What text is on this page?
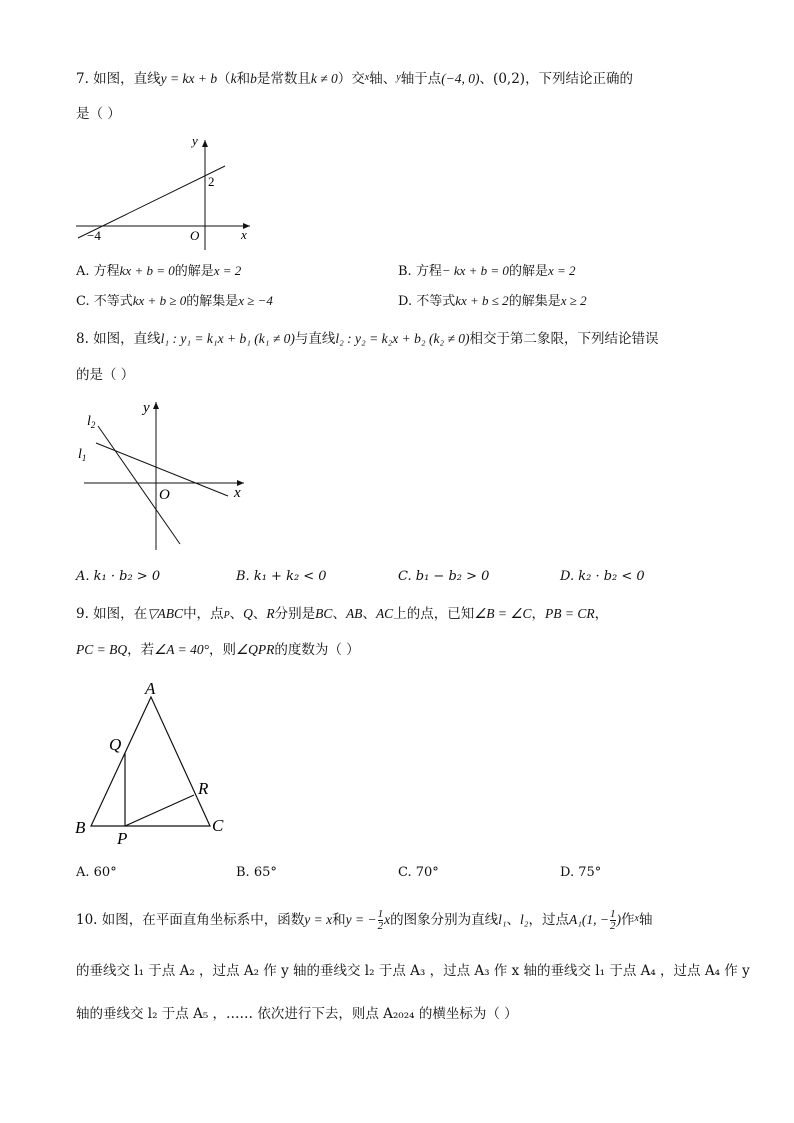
7. 如图，直线y = kx + b（k和b是常数且k ≠ 0）交$^x$轴、$^y$轴于点(−4, 0)、(0,2)，下列结论正确的
是（ ）
y
x
O
2
−4
A. 方程kx + b = 0的解是x = 2	B. 方程− kx + b = 0的解是x = 2
C. 不等式kx + b ≥ 0的解集是x ≥ −4	D. 不等式kx + b ≤ 2的解集是x ≥ 2
8. 如图，直线l₁ : y₁ = k₁x + b₁ (k₁ ≠ 0)与直线l₂ : y₂ = k₂x + b₂ (k₂ ≠ 0)相交于第二象限，下列结论错误
的是（ ）
y
x
O
$l_2$
$l_1$
A. k₁ · b₂ > 0	B. k₁ + k₂ < 0	C. b₁ − b₂ > 0	D. k₂ · b₂ < 0
9. 如图，在▽ABC中，点P、Q、R分别是BC、AB、AC上的点，已知∠B = ∠C，PB = CR，
PC = BQ，若∠A = 40°，则∠QPR的度数为（ ）
A
B	C
P
Q
R
A. 60°	B. 65°	C. 70°	D. 75°
10. 如图，在平面直角坐标系中，函数y = x和y = − $\frac{1}{2}$ x的图象分别为直线l₁、l₂，过点A₁(1, − $\frac{1}{2}$ )作$^x$轴
的垂线交 l₁ 于点 A₂ ，过点 A₂ 作 y 轴的垂线交 l₂ 于点 A₃ ，过点 A₃ 作 x 轴的垂线交 l₁ 于点 A₄ ，过点 A₄ 作 y
轴的垂线交 l₂ 于点 A₅ ，…… 依次进行下去，则点 A₂₀₂₄ 的横坐标为（ ）
